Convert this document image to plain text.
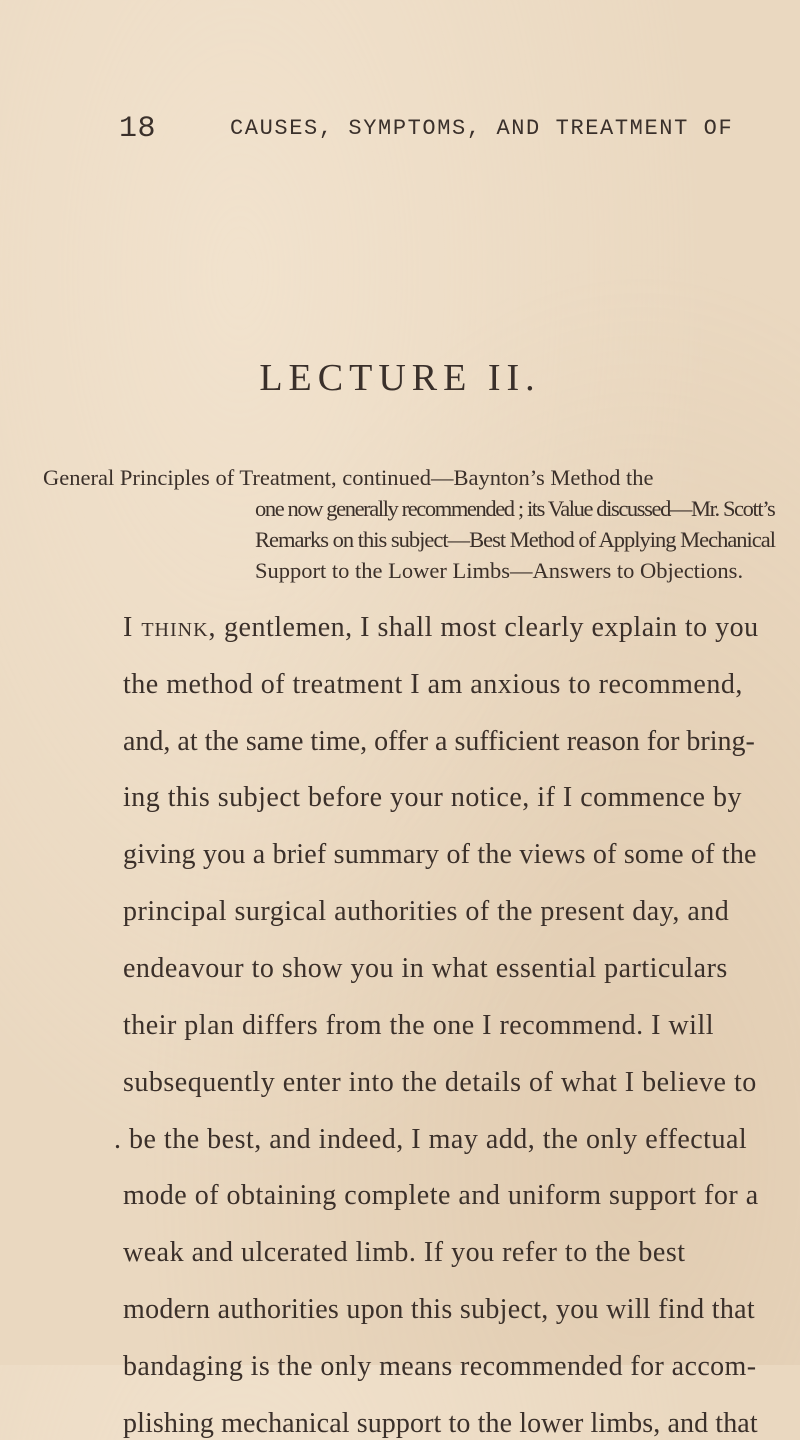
18	CAUSES, SYMPTOMS, AND TREATMENT OF
LECTURE II.
General Principles of Treatment, continued—Baynton’s Method the
one now generally recommended ; its Value discussed—Mr. Scott’s
Remarks on this subject—Best Method of Applying Mechanical
Support to the Lower Limbs—Answers to Objections.
I think, gentlemen, I shall most clearly explain to you
the method of treatment I am anxious to recommend,
and, at the same time, offer a sufficient reason for bring-
ing this subject before your notice, if I commence by
giving you a brief summary of the views of some of the
principal surgical authorities of the present day, and
endeavour to show you in what essential particulars
their plan differs from the one I recommend. I will
subsequently enter into the details of what I believe to
. be the best, and indeed, I may add, the only effectual
mode of obtaining complete and uniform support for a
weak and ulcerated limb. If you refer to the best
modern authorities upon this subject, you will find that
bandaging is the only means recommended for accom-
plishing mechanical support to the lower limbs, and that
